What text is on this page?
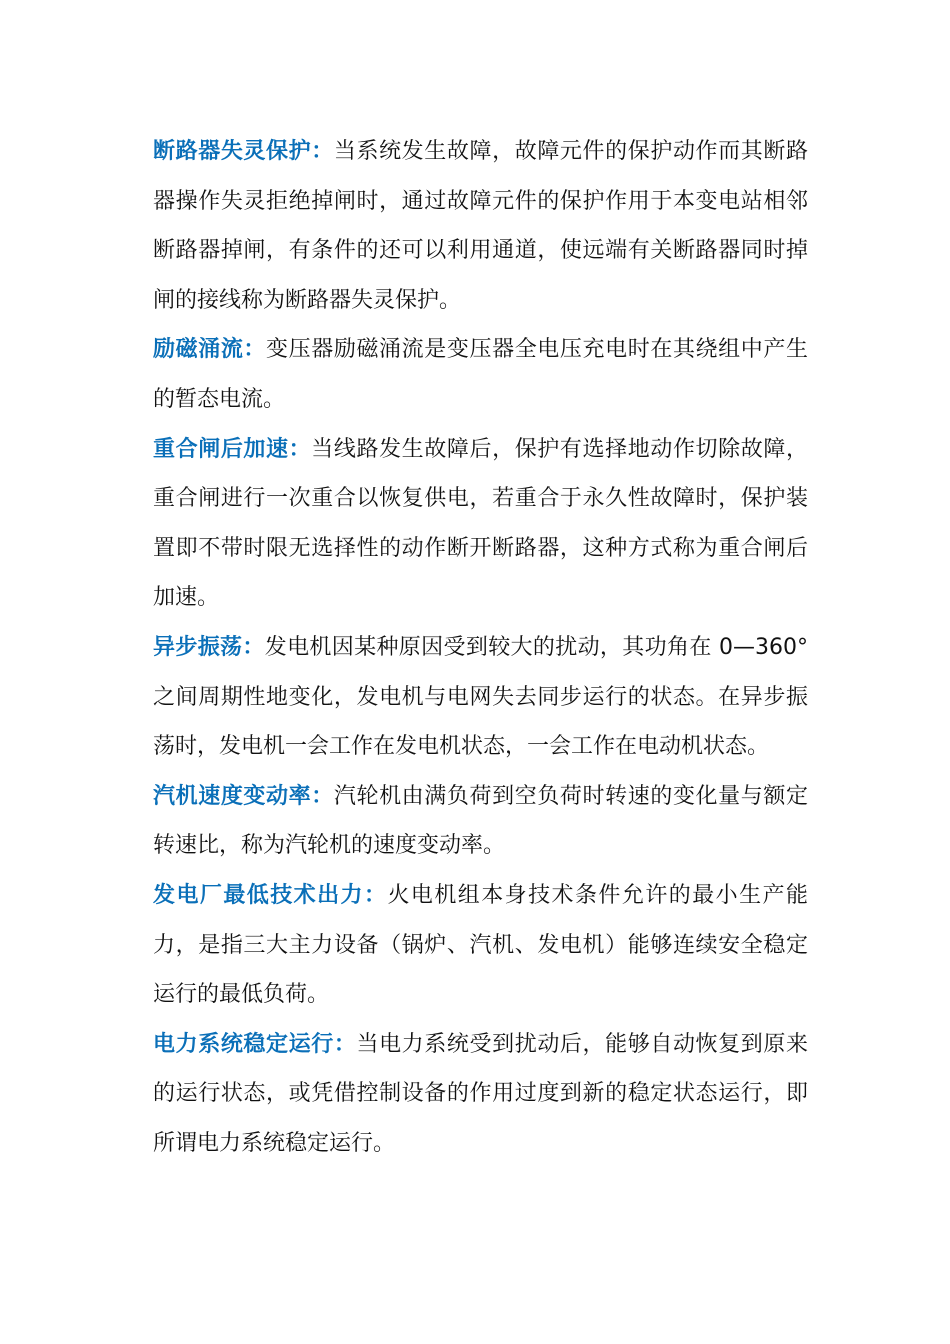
断路器失灵保护：当系统发生故障，故障元件的保护动作而其断路器操作失灵拒绝掉闸时，通过故障元件的保护作用于本变电站相邻断路器掉闸，有条件的还可以利用通道，使远端有关断路器同时掉闸的接线称为断路器失灵保护。

励磁涌流：变压器励磁涌流是变压器全电压充电时在其绕组中产生的暂态电流。

重合闸后加速：当线路发生故障后，保护有选择地动作切除故障，重合闸进行一次重合以恢复供电，若重合于永久性故障时，保护装置即不带时限无选择性的动作断开断路器，这种方式称为重合闸后加速。

异步振荡：发电机因某种原因受到较大的扰动，其功角在 0—360°之间周期性地变化，发电机与电网失去同步运行的状态。在异步振荡时，发电机一会工作在发电机状态，一会工作在电动机状态。

汽机速度变动率：汽轮机由满负荷到空负荷时转速的变化量与额定转速比，称为汽轮机的速度变动率。

发电厂最低技术出力：火电机组本身技术条件允许的最小生产能力，是指三大主力设备（锅炉、汽机、发电机）能够连续安全稳定运行的最低负荷。

电力系统稳定运行：当电力系统受到扰动后，能够自动恢复到原来的运行状态，或凭借控制设备的作用过度到新的稳定状态运行，即所谓电力系统稳定运行。
